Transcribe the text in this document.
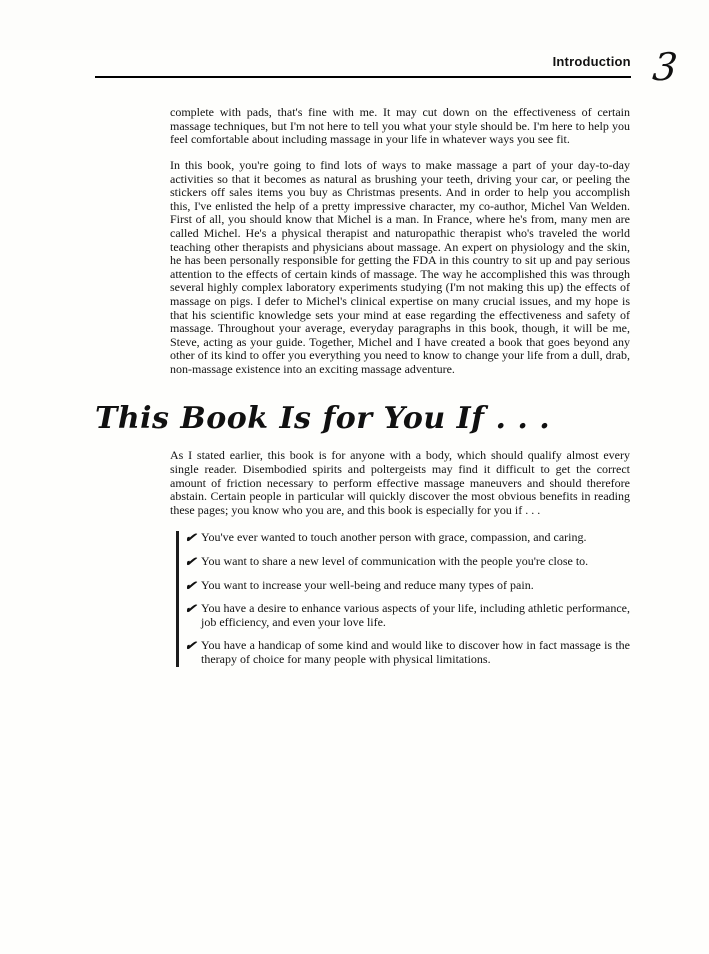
Introduction 3

complete with pads, that's fine with me. It may cut down on the effectiveness of certain massage techniques, but I'm not here to tell you what your style should be. I'm here to help you feel comfortable about including massage in your life in whatever ways you see fit.

In this book, you're going to find lots of ways to make massage a part of your day-to-day activities so that it becomes as natural as brushing your teeth, driving your car, or peeling the stickers off sales items you buy as Christmas presents. And in order to help you accomplish this, I've enlisted the help of a pretty impressive character, my co-author, Michel Van Welden. First of all, you should know that Michel is a man. In France, where he's from, many men are called Michel. He's a physical therapist and naturopathic therapist who's traveled the world teaching other therapists and physicians about massage. An expert on physiology and the skin, he has been personally responsible for getting the FDA in this country to sit up and pay serious attention to the effects of certain kinds of massage. The way he accomplished this was through several highly complex laboratory experiments studying (I'm not making this up) the effects of massage on pigs. I defer to Michel's clinical expertise on many crucial issues, and my hope is that his scientific knowledge sets your mind at ease regarding the effectiveness and safety of massage. Throughout your average, everyday paragraphs in this book, though, it will be me, Steve, acting as your guide. Together, Michel and I have created a book that goes beyond any other of its kind to offer you everything you need to know to change your life from a dull, drab, non-massage existence into an exciting massage adventure.

This Book Is for You If . . .

As I stated earlier, this book is for anyone with a body, which should qualify almost every single reader. Disembodied spirits and poltergeists may find it difficult to get the correct amount of friction necessary to perform effective massage maneuvers and should therefore abstain. Certain people in particular will quickly discover the most obvious benefits in reading these pages; you know who you are, and this book is especially for you if . . .

✔ You've ever wanted to touch another person with grace, compassion, and caring.
✔ You want to share a new level of communication with the people you're close to.
✔ You want to increase your well-being and reduce many types of pain.
✔ You have a desire to enhance various aspects of your life, including athletic performance, job efficiency, and even your love life.
✔ You have a handicap of some kind and would like to discover how in fact massage is the therapy of choice for many people with physical limitations.
